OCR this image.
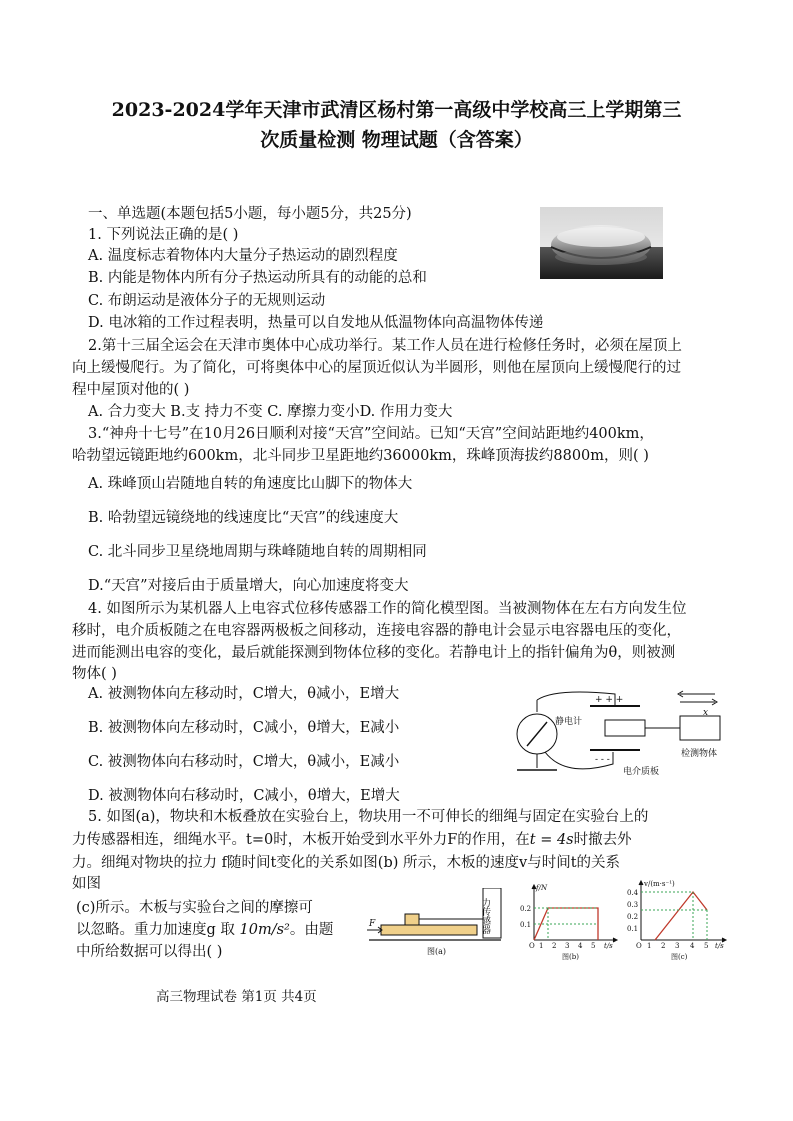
2023-2024学年天津市武清区杨村第一高级中学校高三上学期第三
次质量检测 物理试题（含答案）
一、单选题(本题包括5小题，每小题5分，共25分)
1. 下列说法正确的是( )
A. 温度标志着物体内大量分子热运动的剧烈程度
B. 内能是物体内所有分子热运动所具有的动能的总和
C. 布朗运动是液体分子的无规则运动
D. 电冰箱的工作过程表明，热量可以自发地从低温物体向高温物体传递
2.第十三届全运会在天津市奥体中心成功举行。某工作人员在进行检修任务时，必须在屋顶上
向上缓慢爬行。为了简化，可将奥体中心的屋顶近似认为半圆形，则他在屋顶向上缓慢爬行的过
程中屋顶对他的( )
A. 合力变大 B.支 持力不变 C. 摩擦力变小D. 作用力变大
3.“神舟十七号”在10月26日顺利对接“天宫”空间站。已知“天宫”空间站距地约400km，
哈勃望远镜距地约600km，北斗同步卫星距地约36000km，珠峰顶海拔约8800m，则( )
A. 珠峰顶山岩随地自转的角速度比山脚下的物体大
B. 哈勃望远镜绕地的线速度比“天宫”的线速度大
C. 北斗同步卫星绕地周期与珠峰随地自转的周期相同
D.“天宫”对接后由于质量增大，向心加速度将变大
4. 如图所示为某机器人上电容式位移传感器工作的简化模型图。当被测物体在左右方向发生位
移时，电介质板随之在电容器两极板之间移动，连接电容器的静电计会显示电容器电压的变化，
进而能测出电容的变化，最后就能探测到物体位移的变化。若静电计上的指针偏角为θ，则被测
物体( )
A. 被测物体向左移动时，C增大，θ减小，E增大
B. 被测物体向左移动时，C减小，θ增大，E减小
C. 被测物体向右移动时，C增大，θ减小，E减小
D. 被测物体向右移动时，C减小，θ增大，E增大
+ + +
- - -
静电计
电介质板
检测物体
x
5. 如图(a)，物块和木板叠放在实验台上，物块用一不可伸长的细绳与固定在实验台上的
力传感器相连，细绳水平。t=0时，木板开始受到水平外力F的作用，在t = 4s时撤去外
力。细绳对物块的拉力 f随时间t变化的关系如图(b) 所示，木板的速度v与时间t的关系
如图
(c)所示。木板与实验台之间的摩擦可
以忽略。重力加速度g 取 10m/s²。由题
中所给数据可以得出( )
F	力传感器
图(a)
f/N
0.2
0.1
O 1 2 3 4 5 t/s
图(b)
v/(m·s⁻¹)
0.4
0.3
0.2
0.1
O 1 2 3 4 5 t/s
图(c)
高三物理试卷 第1页 共4页
